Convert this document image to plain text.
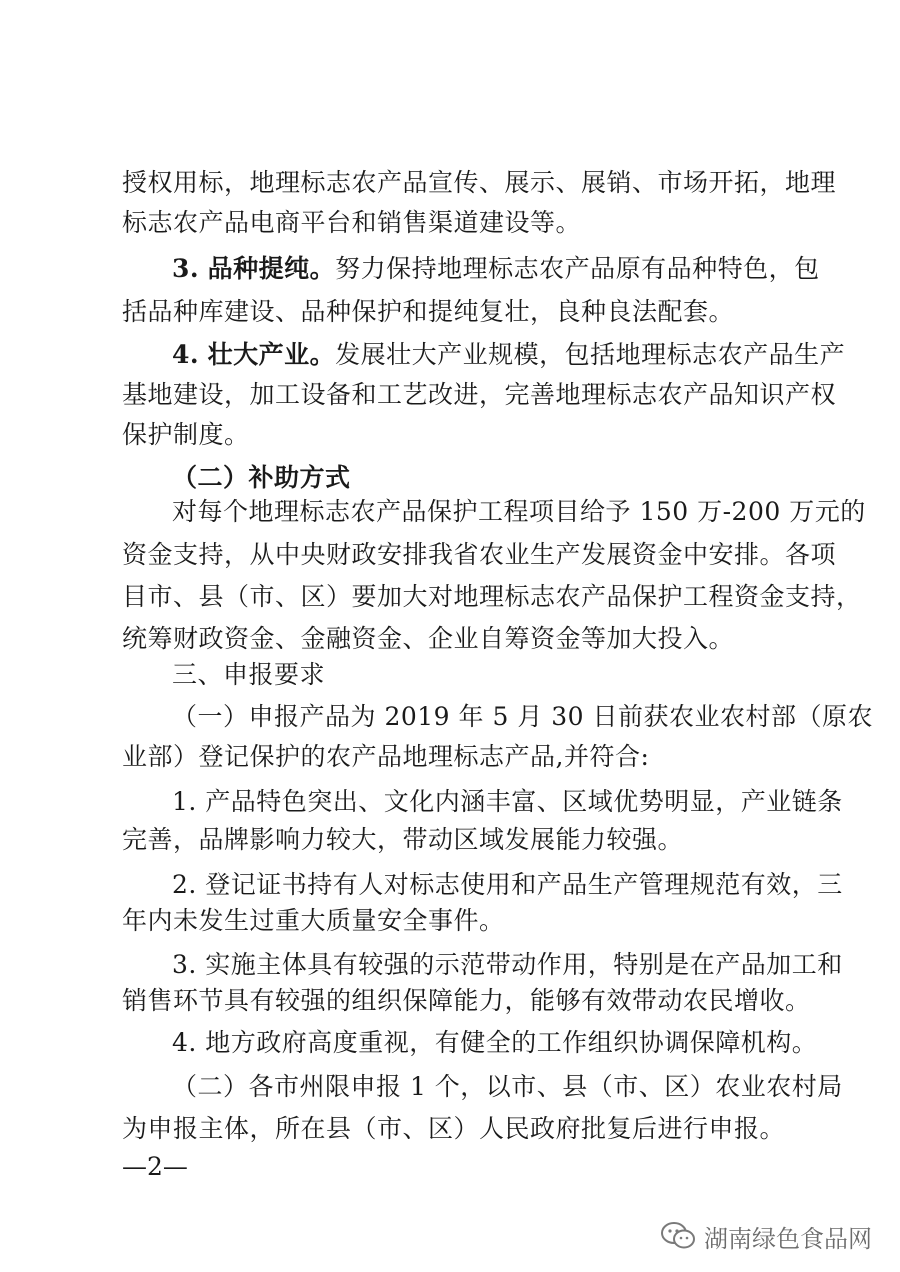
授权用标，地理标志农产品宣传、展示、展销、市场开拓，地理
标志农产品电商平台和销售渠道建设等。
3. 品种提纯。努力保持地理标志农产品原有品种特色，包
括品种库建设、品种保护和提纯复壮，良种良法配套。
4. 壮大产业。发展壮大产业规模，包括地理标志农产品生产
基地建设，加工设备和工艺改进，完善地理标志农产品知识产权
保护制度。
（二）补助方式
对每个地理标志农产品保护工程项目给予 150 万-200 万元的
资金支持，从中央财政安排我省农业生产发展资金中安排。各项
目市、县（市、区）要加大对地理标志农产品保护工程资金支持，
统筹财政资金、金融资金、企业自筹资金等加大投入。
三、申报要求
（一）申报产品为 2019 年 5 月 30 日前获农业农村部（原农
业部）登记保护的农产品地理标志产品,并符合:
1. 产品特色突出、文化内涵丰富、区域优势明显，产业链条
完善，品牌影响力较大，带动区域发展能力较强。
2. 登记证书持有人对标志使用和产品生产管理规范有效，三
年内未发生过重大质量安全事件。
3. 实施主体具有较强的示范带动作用，特别是在产品加工和
销售环节具有较强的组织保障能力，能够有效带动农民增收。
4. 地方政府高度重视，有健全的工作组织协调保障机构。
（二）各市州限申报 1 个，以市、县（市、区）农业农村局
为申报主体，所在县（市、区）人民政府批复后进行申报。
—2—
湖南绿色食品网
